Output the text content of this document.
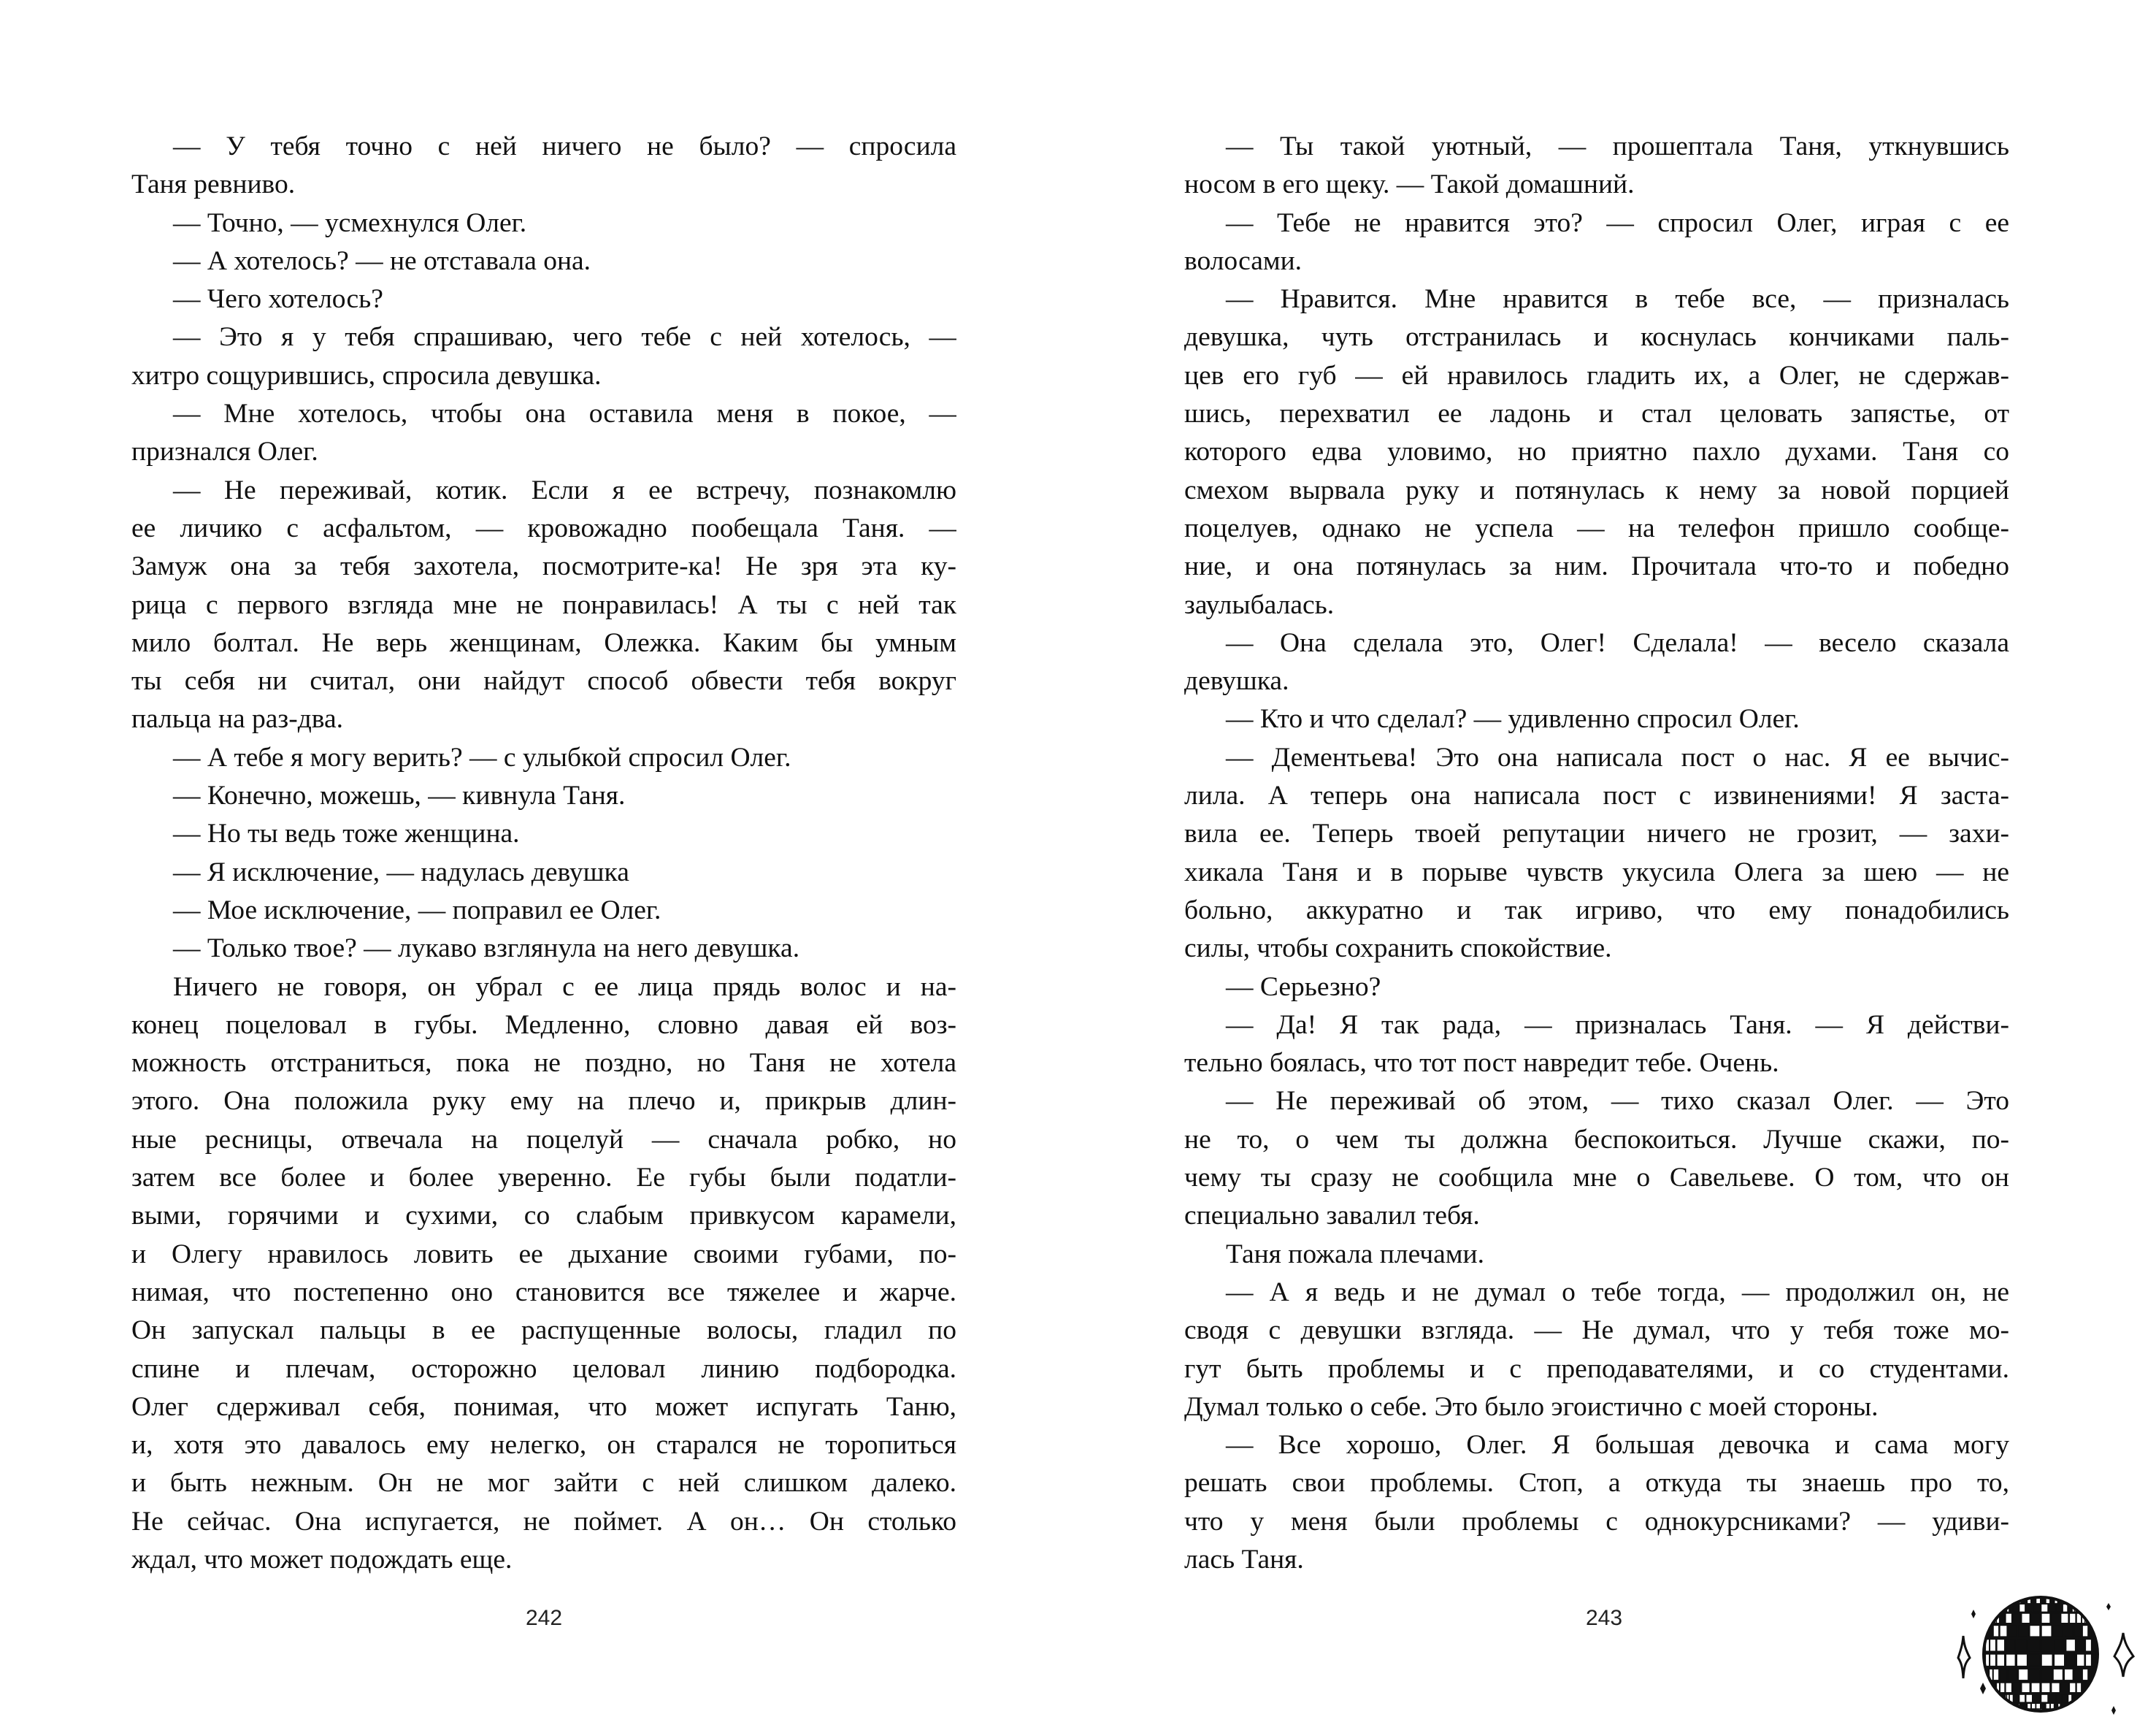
— У тебя точно с ней ничего не было? — спросила
Таня ревниво.
— Точно, — усмехнулся Олег.
— А хотелось? — не отставала она.
— Чего хотелось?
— Это я у тебя спрашиваю, чего тебе с ней хотелось, —
хитро сощурившись, спросила девушка.
— Мне хотелось, чтобы она оставила меня в покое, —
признался Олег.
— Не переживай, котик. Если я ее встречу, познакомлю
ее личико с асфальтом, — кровожадно пообещала Таня. —
Замуж она за тебя захотела, посмотрите-ка! Не зря эта ку-
рица с первого взгляда мне не понравилась! А ты с ней так
мило болтал. Не верь женщинам, Олежка. Каким бы умным
ты себя ни считал, они найдут способ обвести тебя вокруг
пальца на раз-два.
— А тебе я могу верить? — с улыбкой спросил Олег.
— Конечно, можешь, — кивнула Таня.
— Но ты ведь тоже женщина.
— Я исключение, — надулась девушка
— Мое исключение, — поправил ее Олег.
— Только твое? — лукаво взглянула на него девушка.
Ничего не говоря, он убрал с ее лица прядь волос и на-
конец поцеловал в губы. Медленно, словно давая ей воз-
можность отстраниться, пока не поздно, но Таня не хотела
этого. Она положила руку ему на плечо и, прикрыв длин-
ные ресницы, отвечала на поцелуй — сначала робко, но
затем все более и более уверенно. Ее губы были податли-
выми, горячими и сухими, со слабым привкусом карамели,
и Олегу нравилось ловить ее дыхание своими губами, по-
нимая, что постепенно оно становится все тяжелее и жарче.
Он запускал пальцы в ее распущенные волосы, гладил по
спине и плечам, осторожно целовал линию подбородка.
Олег сдерживал себя, понимая, что может испугать Таню,
и, хотя это давалось ему нелегко, он старался не торопиться
и быть нежным. Он не мог зайти с ней слишком далеко.
Не сейчас. Она испугается, не поймет. А он… Он столько
ждал, что может подождать еще.
242
— Ты такой уютный, — прошептала Таня, уткнувшись
носом в его щеку. — Такой домашний.
— Тебе не нравится это? — спросил Олег, играя с ее
волосами.
— Нравится. Мне нравится в тебе все, — призналась
девушка, чуть отстранилась и коснулась кончиками паль-
цев его губ — ей нравилось гладить их, а Олег, не сдержав-
шись, перехватил ее ладонь и стал целовать запястье, от
которого едва уловимо, но приятно пахло духами. Таня со
смехом вырвала руку и потянулась к нему за новой порцией
поцелуев, однако не успела — на телефон пришло сообще-
ние, и она потянулась за ним. Прочитала что-то и победно
заулыбалась.
— Она сделала это, Олег! Сделала! — весело сказала
девушка.
— Кто и что сделал? — удивленно спросил Олег.
— Дементьева! Это она написала пост о нас. Я ее вычис-
лила. А теперь она написала пост с извинениями! Я заста-
вила ее. Теперь твоей репутации ничего не грозит, — захи-
хикала Таня и в порыве чувств укусила Олега за шею — не
больно, аккуратно и так игриво, что ему понадобились
силы, чтобы сохранить спокойствие.
— Серьезно?
— Да! Я так рада, — призналась Таня. — Я действи-
тельно боялась, что тот пост навредит тебе. Очень.
— Не переживай об этом, — тихо сказал Олег. — Это
не то, о чем ты должна беспокоиться. Лучше скажи, по-
чему ты сразу не сообщила мне о Савельеве. О том, что он
специально завалил тебя.
Таня пожала плечами.
— А я ведь и не думал о тебе тогда, — продолжил он, не
сводя с девушки взгляда. — Не думал, что у тебя тоже мо-
гут быть проблемы и с преподавателями, и со студентами.
Думал только о себе. Это было эгоистично с моей стороны.
— Все хорошо, Олег. Я большая девочка и сама могу
решать свои проблемы. Стоп, а откуда ты знаешь про то,
что у меня были проблемы с однокурсниками? — удиви-
лась Таня.
243
